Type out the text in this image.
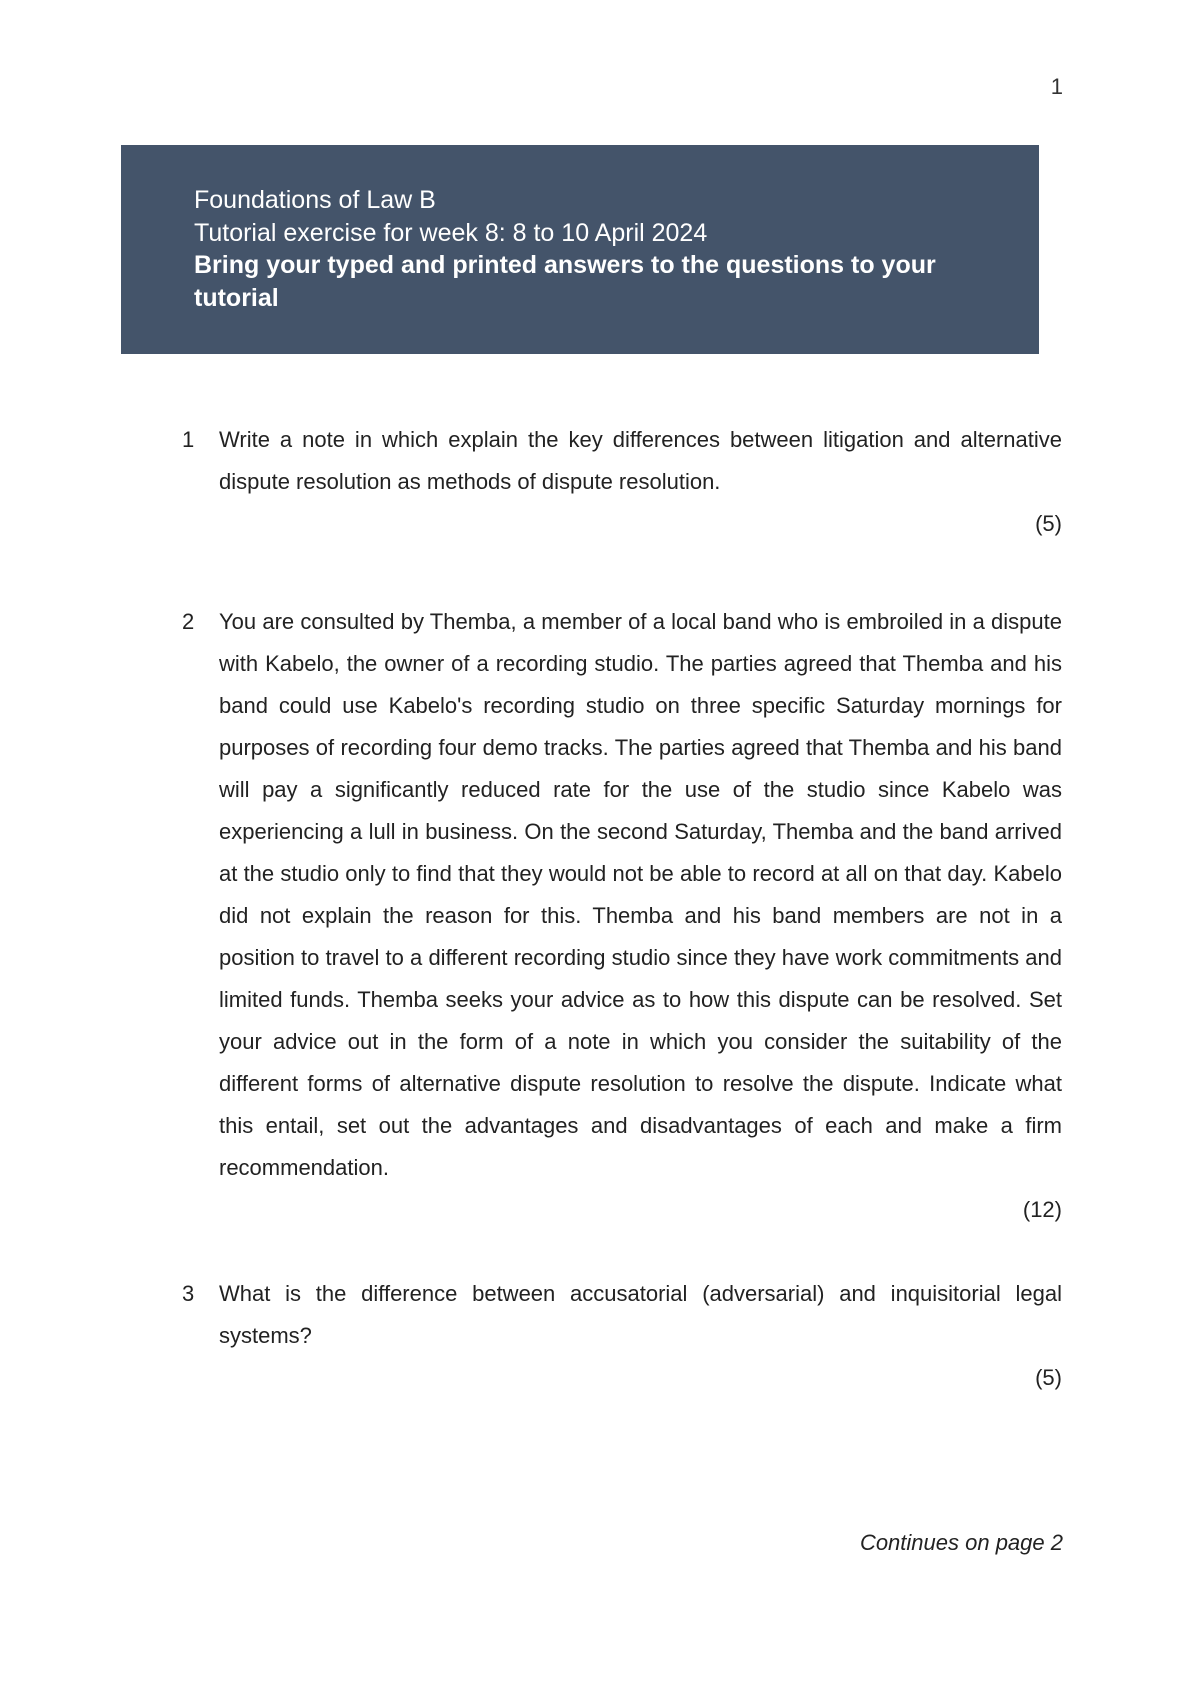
1
Foundations of Law B
Tutorial exercise for week 8: 8 to 10 April 2024
Bring your typed and printed answers to the questions to your tutorial
1 Write a note in which explain the key differences between litigation and alternative dispute resolution as methods of dispute resolution.
(5)
2 You are consulted by Themba, a member of a local band who is embroiled in a dispute with Kabelo, the owner of a recording studio. The parties agreed that Themba and his band could use Kabelo's recording studio on three specific Saturday mornings for purposes of recording four demo tracks. The parties agreed that Themba and his band will pay a significantly reduced rate for the use of the studio since Kabelo was experiencing a lull in business. On the second Saturday, Themba and the band arrived at the studio only to find that they would not be able to record at all on that day. Kabelo did not explain the reason for this. Themba and his band members are not in a position to travel to a different recording studio since they have work commitments and limited funds. Themba seeks your advice as to how this dispute can be resolved. Set your advice out in the form of a note in which you consider the suitability of the different forms of alternative dispute resolution to resolve the dispute. Indicate what this entail, set out the advantages and disadvantages of each and make a firm recommendation.
(12)
3 What is the difference between accusatorial (adversarial) and inquisitorial legal systems?
(5)
Continues on page 2
